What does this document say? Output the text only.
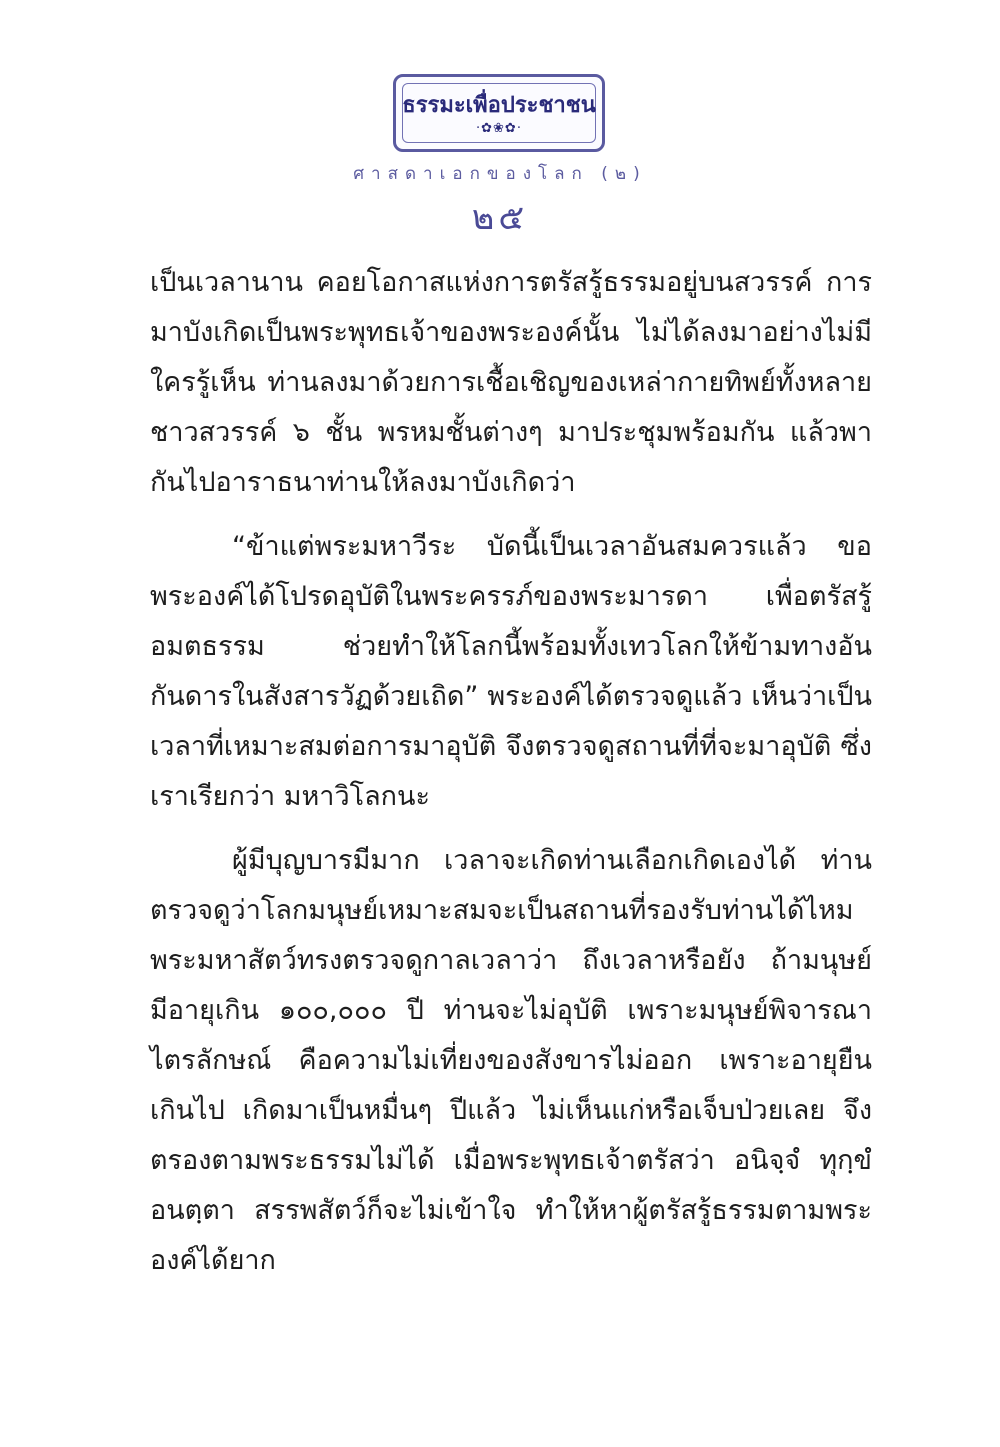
ธรรมะเพื่อประชาชน
·✿❀✿·
ศาสดาเอกของโลก (๒)
๒๕

เป็นเวลานาน คอยโอกาสแห่งการตรัสรู้ธรรมอยู่บนสวรรค์ การมาบังเกิดเป็นพระพุทธเจ้าของพระองค์นั้น ไม่ได้ลงมาอย่างไม่มีใครรู้เห็น ท่านลงมาด้วยการเชื้อเชิญของเหล่ากายทิพย์ทั้งหลาย ชาวสวรรค์ ๖ ชั้น พรหมชั้นต่างๆ มาประชุมพร้อมกัน แล้วพากันไปอาราธนาท่านให้ลงมาบังเกิดว่า

“ข้าแต่พระมหาวีระ บัดนี้เป็นเวลาอันสมควรแล้ว ขอพระองค์ได้โปรดอุบัติในพระครรภ์ของพระมารดา เพื่อตรัสรู้อมตธรรม ช่วยทำให้โลกนี้พร้อมทั้งเทวโลกให้ข้ามทางอันกันดารในสังสารวัฏด้วยเถิด” พระองค์ได้ตรวจดูแล้ว เห็นว่าเป็นเวลาที่เหมาะสมต่อการมาอุบัติ จึงตรวจดูสถานที่ที่จะมาอุบัติ ซึ่งเราเรียกว่า มหาวิโลกนะ

ผู้มีบุญบารมีมาก เวลาจะเกิดท่านเลือกเกิดเองได้ ท่านตรวจดูว่าโลกมนุษย์เหมาะสมจะเป็นสถานที่รองรับท่านได้ไหม พระมหาสัตว์ทรงตรวจดูกาลเวลาว่า ถึงเวลาหรือยัง ถ้ามนุษย์มีอายุเกิน ๑๐๐,๐๐๐ ปี ท่านจะไม่อุบัติ เพราะมนุษย์พิจารณาไตรลักษณ์ คือความไม่เที่ยงของสังขารไม่ออก เพราะอายุยืนเกินไป เกิดมาเป็นหมื่นๆ ปีแล้ว ไม่เห็นแก่หรือเจ็บป่วยเลย จึงตรองตามพระธรรมไม่ได้ เมื่อพระพุทธเจ้าตรัสว่า อนิจฺจํ ทุกฺขํ อนตฺตา สรรพสัตว์ก็จะไม่เข้าใจ ทำให้หาผู้ตรัสรู้ธรรมตามพระองค์ได้ยาก
